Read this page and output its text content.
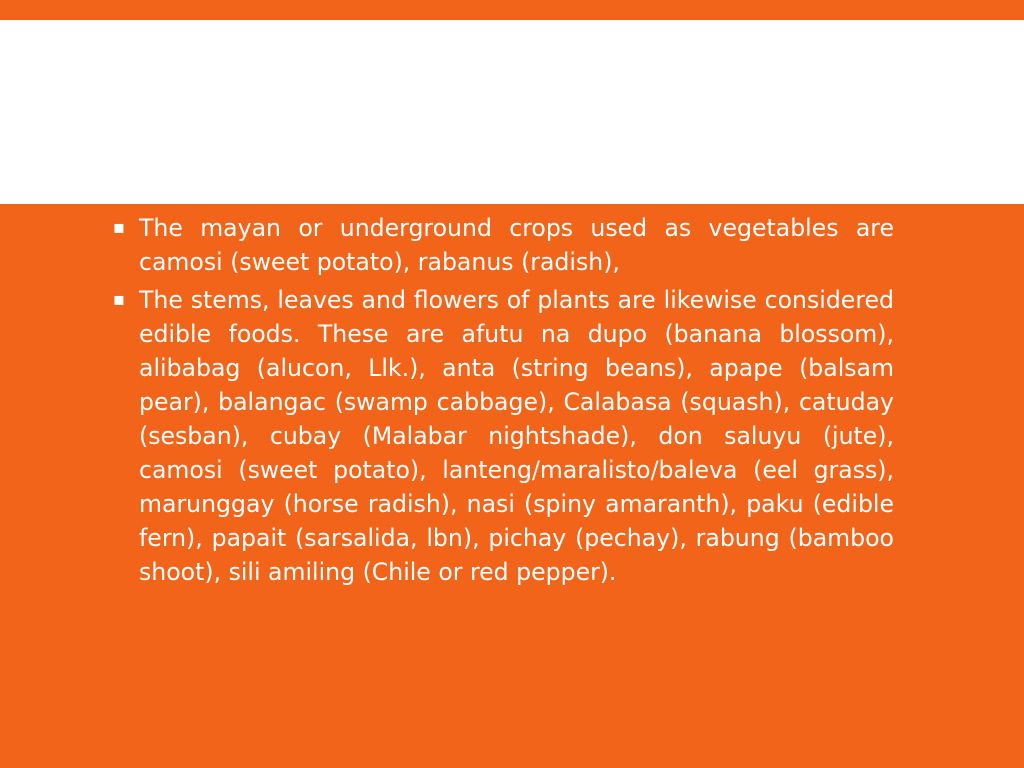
▪ The mayan or underground crops used as vegetables are camosi (sweet potato), rabanus (radish),
▪ The stems, leaves and flowers of plants are likewise considered edible foods. These are afutu na dupo (banana blossom), alibabag (alucon, Llk.), anta (string beans), apape (balsam pear), balangac (swamp cabbage), Calabasa (squash), catuday (sesban), cubay (Malabar nightshade), don saluyu (jute), camosi (sweet potato), lanteng/maralisto/baleva (eel grass), marunggay (horse radish), nasi (spiny amaranth), paku (edible fern), papait (sarsalida, lbn), pichay (pechay), rabung (bamboo shoot), sili amiling (Chile or red pepper).
